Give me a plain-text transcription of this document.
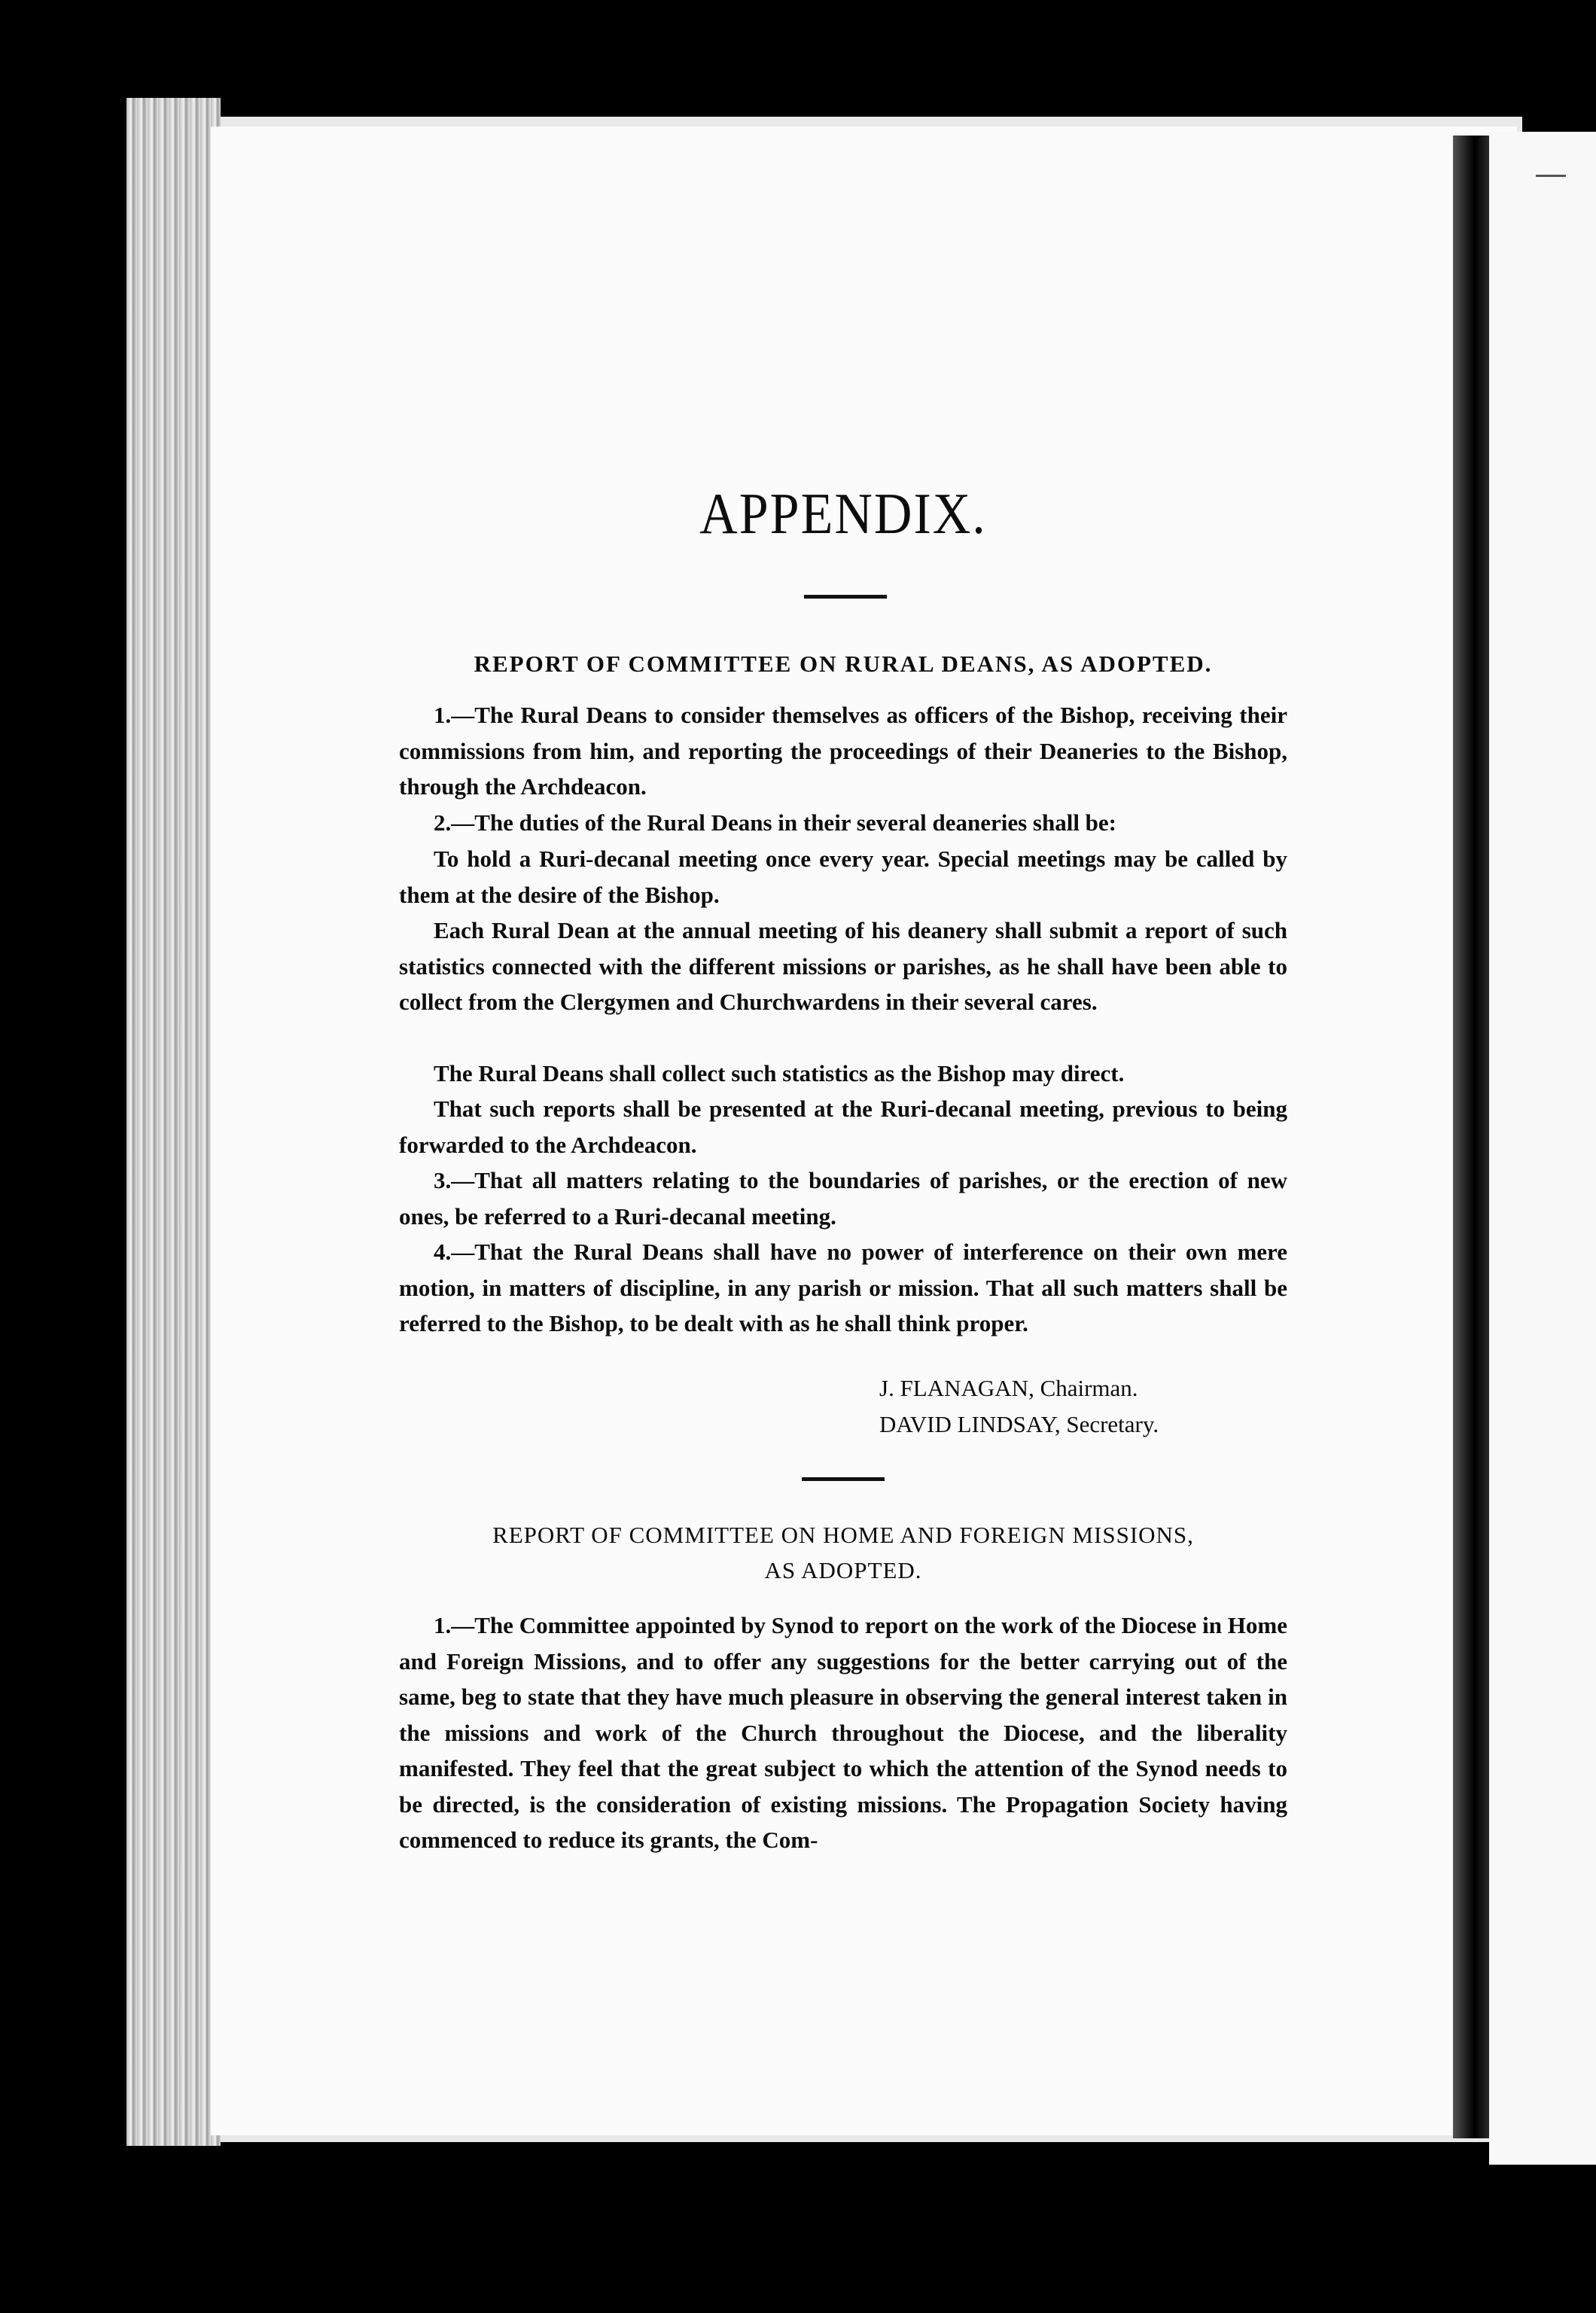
APPENDIX.
REPORT OF COMMITTEE ON RURAL DEANS, AS ADOPTED.

1.—The Rural Deans to consider themselves as officers of the Bishop, receiving their commissions from him, and reporting the proceedings of their Deaneries to the Bishop, through the Archdeacon.

2.—The duties of the Rural Deans in their several deaneries shall be:

To hold a Ruri-decanal meeting once every year. Special meetings may be called by them at the desire of the Bishop.

Each Rural Dean at the annual meeting of his deanery shall submit a report of such statistics connected with the different missions or parishes, as he shall have been able to collect from the Clergymen and Churchwardens in their several cares.

The Rural Deans shall collect such statistics as the Bishop may direct.

That such reports shall be presented at the Ruri-decanal meeting, previous to being forwarded to the Archdeacon.

3.—That all matters relating to the boundaries of parishes, or the erection of new ones, be referred to a Ruri-decanal meeting.

4.—That the Rural Deans shall have no power of interference on their own mere motion, in matters of discipline, in any parish or mission. That all such matters shall be referred to the Bishop, to be dealt with as he shall think proper.

J. FLANAGAN, Chairman.
DAVID LINDSAY, Secretary.
REPORT OF COMMITTEE ON HOME AND FOREIGN MISSIONS,
AS ADOPTED.

1.—The Committee appointed by Synod to report on the work of the Diocese in Home and Foreign Missions, and to offer any suggestions for the better carrying out of the same, beg to state that they have much pleasure in observing the general interest taken in the missions and work of the Church throughout the Diocese, and the liberality manifested. They feel that the great subject to which the attention of the Synod needs to be directed, is the consideration of existing missions. The Propagation Society having commenced to reduce its grants, the Com-
